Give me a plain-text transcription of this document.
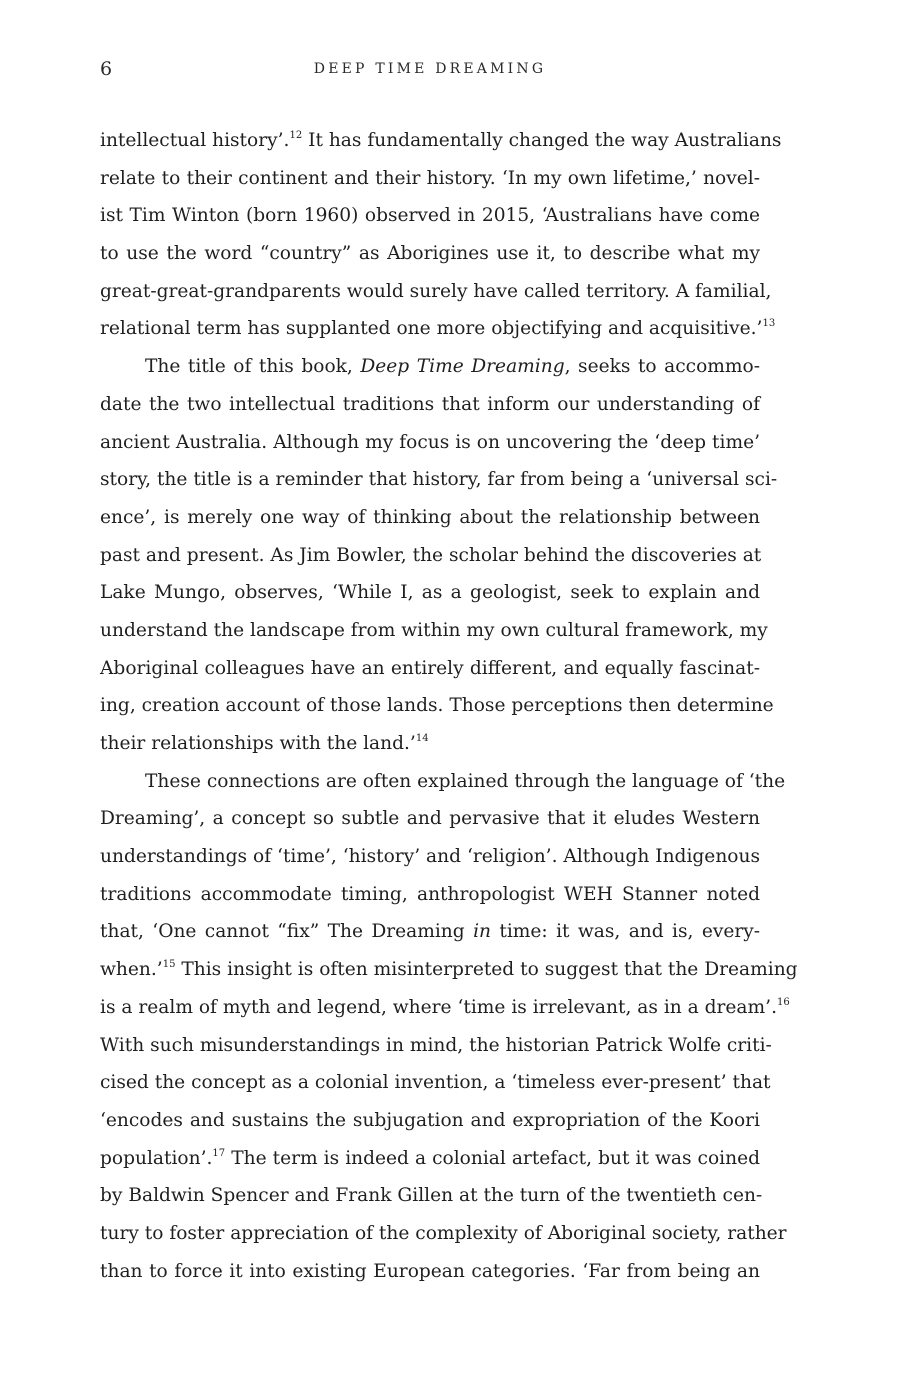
6	DEEP TIME DREAMING
intellectual history’.$^{12}$ It has fundamentally changed the way Australians
relate to their continent and their history. ‘In my own lifetime,’ novel-
ist Tim Winton (born 1960) observed in 2015, ‘Australians have come
to use the word “country” as Aborigines use it, to describe what my
great-great-grandparents would surely have called territory. A familial,
relational term has supplanted one more objectifying and acquisitive.’$^{13}$
The title of this book, Deep Time Dreaming, seeks to accommo-
date the two intellectual traditions that inform our understanding of
ancient Australia. Although my focus is on uncovering the ‘deep time’
story, the title is a reminder that history, far from being a ‘universal sci-
ence’, is merely one way of thinking about the relationship between
past and present. As Jim Bowler, the scholar behind the discoveries at
Lake Mungo, observes, ‘While I, as a geologist, seek to explain and
understand the landscape from within my own cultural framework, my
Aboriginal colleagues have an entirely different, and equally fascinat-
ing, creation account of those lands. Those perceptions then determine
their relationships with the land.’$^{14}$
These connections are often explained through the language of ‘the
Dreaming’, a concept so subtle and pervasive that it eludes Western
understandings of ‘time’, ‘history’ and ‘religion’. Although Indigenous
traditions accommodate timing, anthropologist WEH Stanner noted
that, ‘One cannot “fix” The Dreaming in time: it was, and is, every-
when.’$^{15}$ This insight is often misinterpreted to suggest that the Dreaming
is a realm of myth and legend, where ‘time is irrelevant, as in a dream’.$^{16}$
With such misunderstandings in mind, the historian Patrick Wolfe criti-
cised the concept as a colonial invention, a ‘timeless ever-present’ that
‘encodes and sustains the subjugation and expropriation of the Koori
population’.$^{17}$ The term is indeed a colonial artefact, but it was coined
by Baldwin Spencer and Frank Gillen at the turn of the twentieth cen-
tury to foster appreciation of the complexity of Aboriginal society, rather
than to force it into existing European categories. ‘Far from being an
